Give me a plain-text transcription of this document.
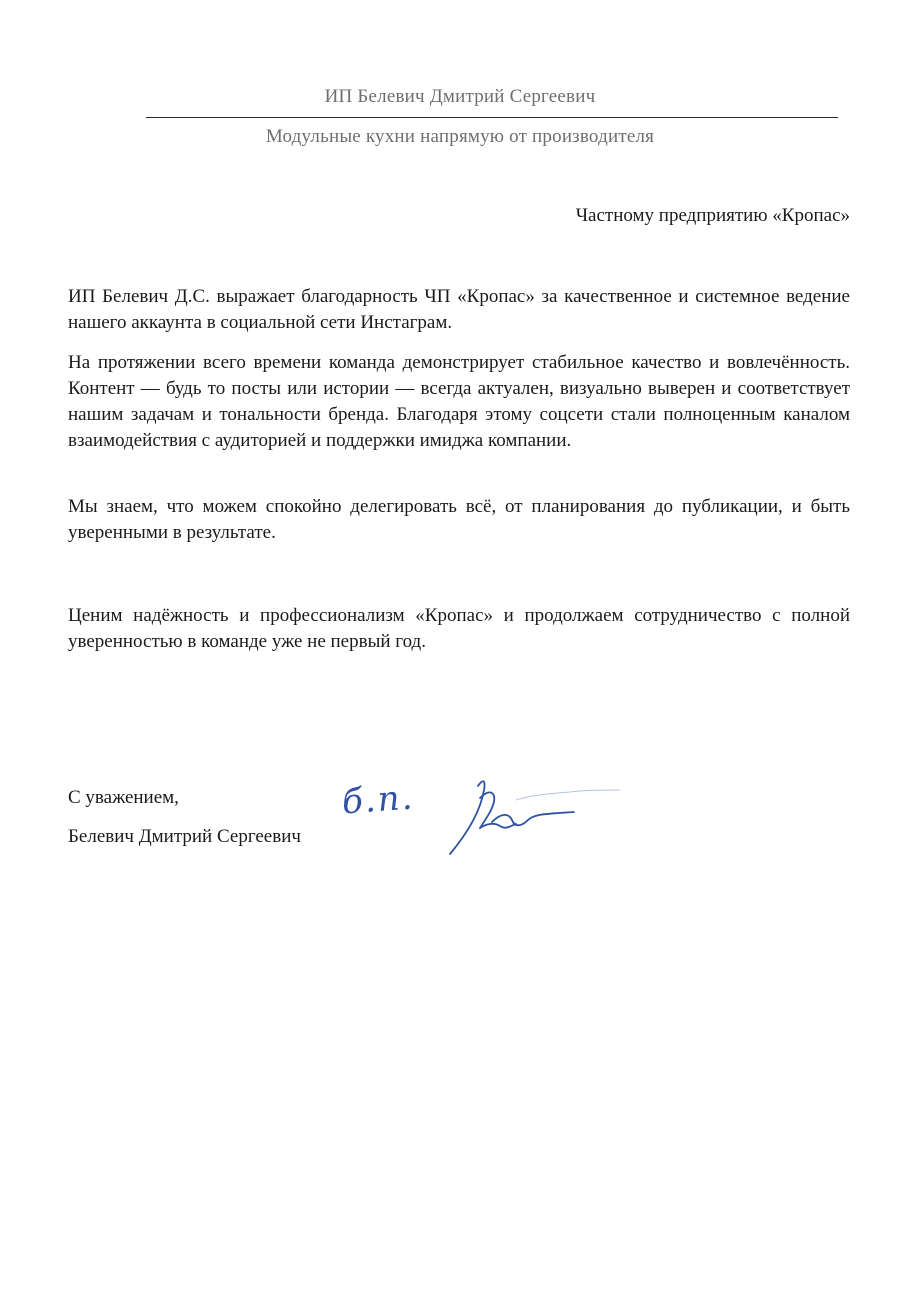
ИП Белевич Дмитрий Сергеевич
Модульные кухни напрямую от производителя
Частному предприятию «Кропас»

ИП Белевич Д.С. выражает благодарность ЧП «Кропас» за качественное и системное ведение нашего аккаунта в социальной сети Инстаграм.

На протяжении всего времени команда демонстрирует стабильное качество и вовлечённость. Контент — будь то посты или истории — всегда актуален, визуально выверен и соответствует нашим задачам и тональности бренда. Благодаря этому соцсети стали полноценным каналом взаимодействия с аудиторией и поддержки имиджа компании.

Мы знаем, что можем спокойно делегировать всё, от планирования до публикации, и быть уверенными в результате.

Ценим надёжность и профессионализм «Кропас» и продолжаем сотрудничество с полной уверенностью в команде уже не первый год.

С уважением,

Белевич Дмитрий Сергеевич

б.п.
